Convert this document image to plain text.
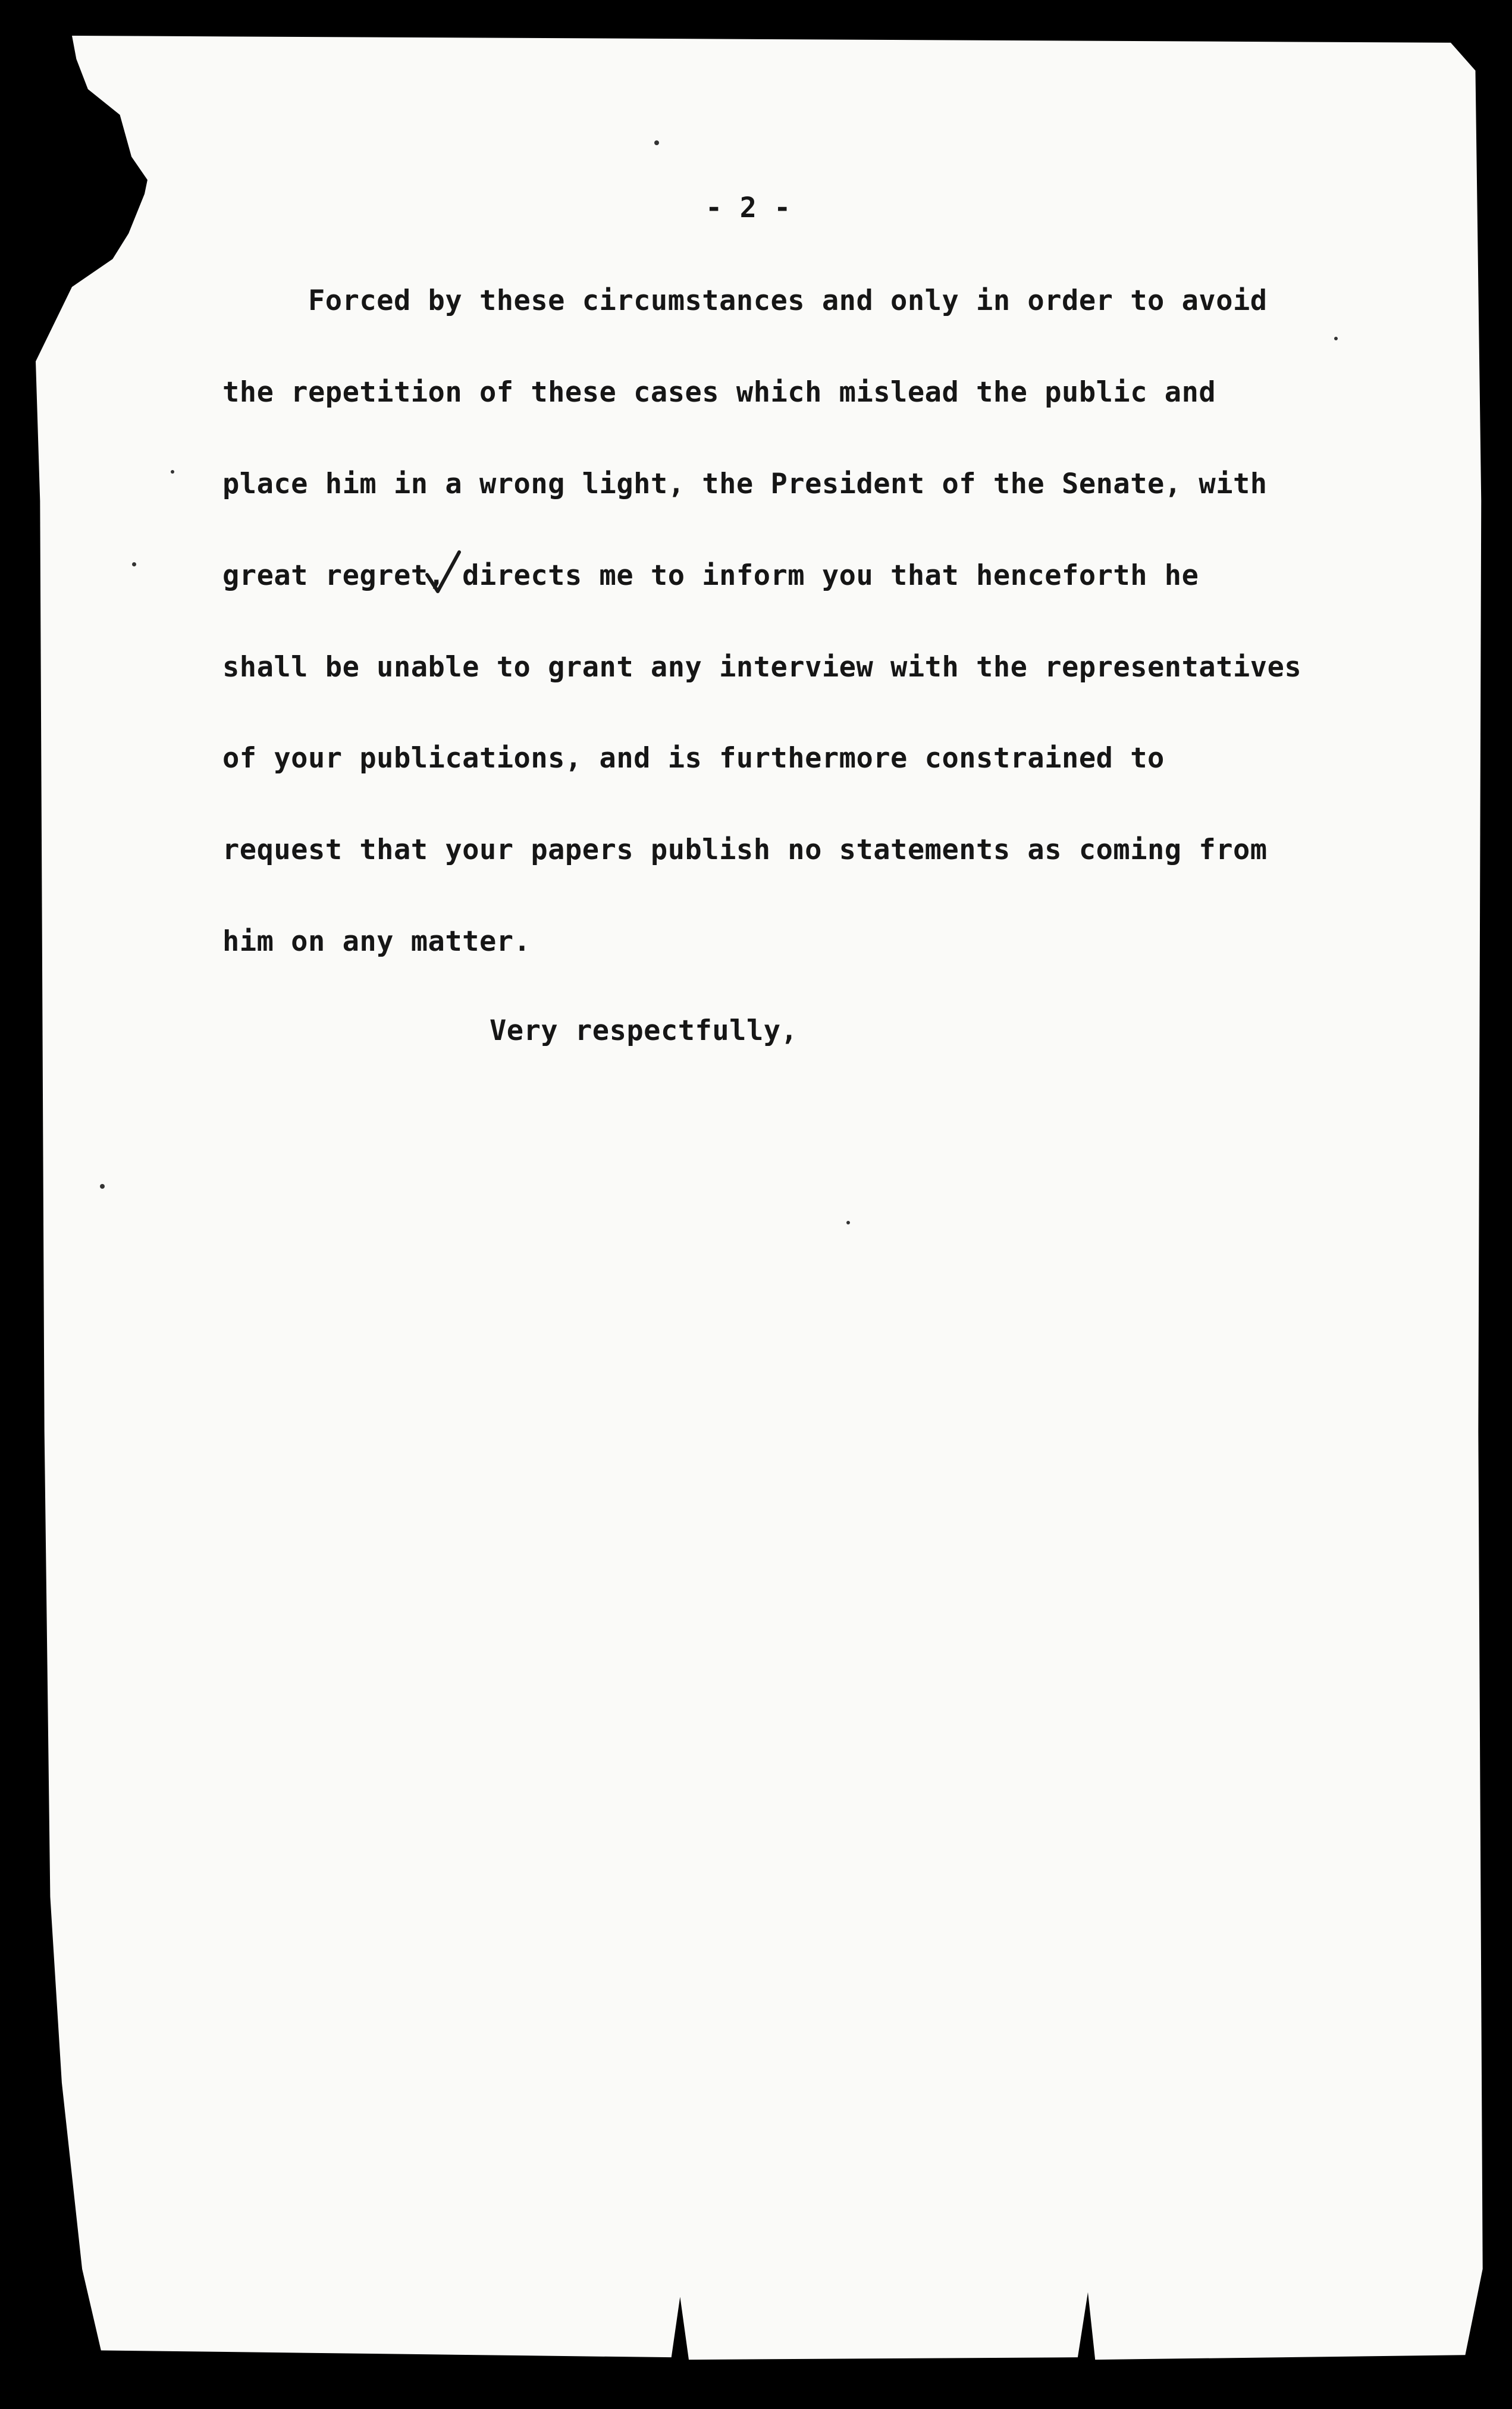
- 2 -

Forced by these circumstances and only in order to avoid

the repetition of these cases which mislead the public and

place him in a wrong light, the President of the Senate, with

great regret, directs me to inform you that henceforth he

shall be unable to grant any interview with the representatives

of your publications, and is furthermore constrained to

request that your papers publish no statements as coming from

him on any matter.

Very respectfully,
